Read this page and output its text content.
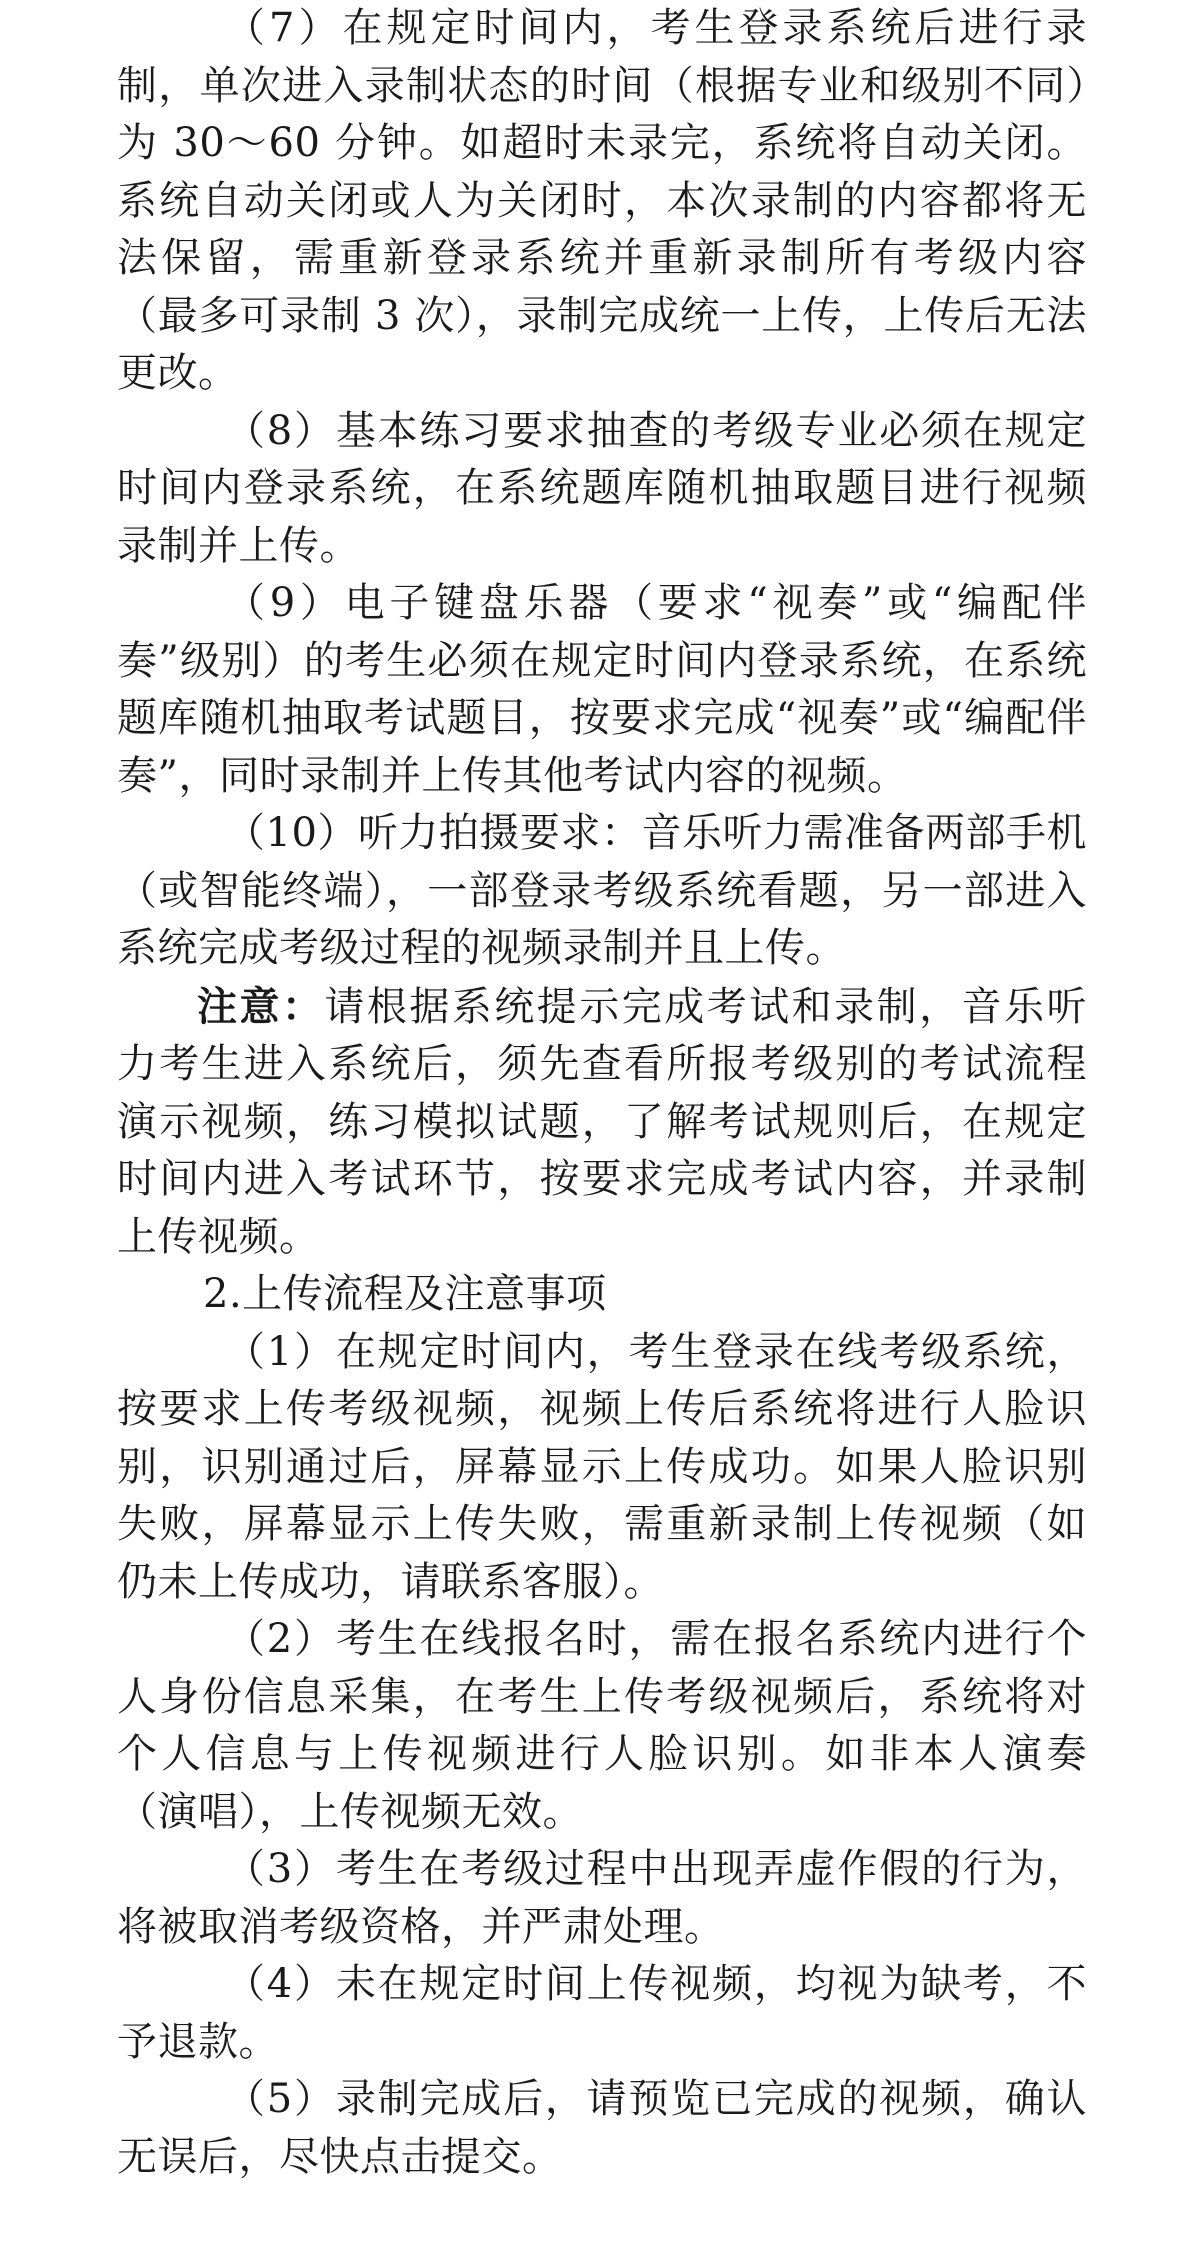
（7）在规定时间内，考生登录系统后进行录制，单次进入录制状态的时间（根据专业和级别不同）为 30～60 分钟。如超时未录完，系统将自动关闭。系统自动关闭或人为关闭时，本次录制的内容都将无法保留，需重新登录系统并重新录制所有考级内容（最多可录制 3 次），录制完成统一上传，上传后无法更改。

（8）基本练习要求抽查的考级专业必须在规定时间内登录系统，在系统题库随机抽取题目进行视频录制并上传。

（9）电子键盘乐器（要求“视奏”或“编配伴奏”级别）的考生必须在规定时间内登录系统，在系统题库随机抽取考试题目，按要求完成“视奏”或“编配伴奏”，同时录制并上传其他考试内容的视频。

（10）听力拍摄要求：音乐听力需准备两部手机（或智能终端），一部登录考级系统看题，另一部进入系统完成考级过程的视频录制并且上传。

注意：请根据系统提示完成考试和录制，音乐听力考生进入系统后，须先查看所报考级别的考试流程演示视频，练习模拟试题，了解考试规则后，在规定时间内进入考试环节，按要求完成考试内容，并录制上传视频。

2.上传流程及注意事项

（1）在规定时间内，考生登录在线考级系统，按要求上传考级视频，视频上传后系统将进行人脸识别，识别通过后，屏幕显示上传成功。如果人脸识别失败，屏幕显示上传失败，需重新录制上传视频（如仍未上传成功，请联系客服）。

（2）考生在线报名时，需在报名系统内进行个人身份信息采集，在考生上传考级视频后，系统将对个人信息与上传视频进行人脸识别。如非本人演奏（演唱），上传视频无效。

（3）考生在考级过程中出现弄虚作假的行为，将被取消考级资格，并严肃处理。

（4）未在规定时间上传视频，均视为缺考，不予退款。

（5）录制完成后，请预览已完成的视频，确认无误后，尽快点击提交。
